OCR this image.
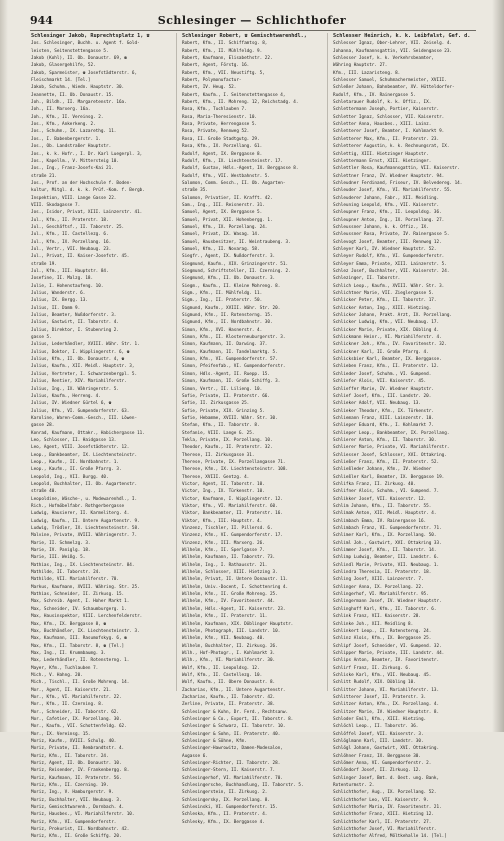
944	Schlesinger — Schlichthofer
Schlesinger Jakob, Ruprechtsplatz 1, ☎
Jos. Schlesinger, Buchh. u. Agent f. Gold-
leisten, Seitenstettengasse 5.
Jakob (Kohl), II. Ob. Donaustr. 69, ☎
Jakob, Glasergehilfe, 52.
Jakob, Sparmeister, ☎ Josefstädterstr. 6,
Fleischmarkt 14. [Tel.]
Jakob, Schuhm., Wiedn. Hauptstr. 30.
Jeannette, II. Ob. Donaustr. 15.
Joh., Bildh., II. Margaretenstr. 16a.
Joh., II. Marxerg. 16a.
Joh., Kfm., II. Vereinsg. 2.
Jos., Kfm., Ankerkeng. 2.
Jos., Schuhm., IX. Lazarethg. 11.
Jos., I. Babenbergerstr. 1.
Jos., Ob. Landstraßer Hauptstr.
Jos., k. k. Hofr., I. Dr. Karl Luegerpl. 3,
Jos., Kapellm., V. Mittersteig 10.
Jos., Ing., Franz-Josefs-Kai 21.
straße 21.
Jos., Prof. an der Hochschule f. Boden-
kultur, Mitgl. d. k. k. Prüf.-Kom. f. Bergb.
Inspektion, VIII. Lange Gasse 22.
VIII. Skodagasse 7.
Jos., Isidor, Privat, XIII. Lainzerstr. 41.
Jul., Kfm., II. Praterstr. 18.
Jul., Geschäftsf., II. Taborstr. 25.
Jul., Kfm., II. Castellezg. 6.
Jul., Kfm., IX. Porzellang. 16.
Jul., Vertr., VII. Neubaug. 23.
Jul., Privat, II. Kaiser-Josefstr. 45.
straße 19.
Jul., Kfm., III. Hauptstr. 84.
Josefine, II. Malzg. 18.
Julie, I. Hohenstaufeng. 10.
Julius, Wanderstr. 6.
Julius, IX. Bergg. 13.
Julius, II. Damm 9.
Julius, Beamter, Nußdorferstr. 3.
Julius, Gastwirt, II. Taborstr. 4.
Julius, Direktor, I. Stubenring 2.
gasse 5.
Julius, Lederhändler, XVIII. Währ. Str. 1.
Julius, Doktor, I. Wipplingerstr. 6, ☎
Julius, Kfm., II. Ob. Donaustr. 4, ☎
Julius, Kaufm., XII. Meidl. Hauptstr. 3,
Julius, Vertreter, I. Schwarzenbergpl. 5.
Julius, Rentier, XIV. Mariahilferstr.
Julius, Ing., IX. Währingerstr. 5.
Julius, Kaufm., Herreng. 4.
Julius, IV. Wiedner Gürtel 6, ☎
Julius, Kfm., VI. Gumpendorferstr. 63.
Karoline, Waren-Comm.-Gesch., III. Löwen-
gasse 28.
Konrad, Kaufmann, Ottakr., Habichergasse 11.
Leo, Schlosser, II. Haidgasse 13.
Leo, Agent, VIII. Josefstädterstr. 12.
Leop., Bankbeamter, IX. Liechtensteinstr.
Leop., Kaufm., II. Nordbahnstr. 1.
Leop., Kaufm., II. Große Pfarrg. 3.
Leopold, Ing., VII. Burgg. 40.
Leopold, Buchhalter, II. Ob. Augartenstr.
straße 40.
Leopoldine, Wäsche-, u. Modewarenhdl., I.
Rich., Hofmöbelfabr. Rothgerbergasse
Ludwig, Hausierer, II. Karmeliterg. 4.
Ludwig, Kaufm., II. Untere Augartenstr. 9.
Ludwig, Trödler, IX. Liechtensteinstr. 58.
Malvine, Private, XVIII. Währingerstr. 7.
Marie, II. Schmelzg. 3.
Marie, IV. Paniglg. 18.
Marie, III. Weißg. 5.
Mathias, Ing., IX. Liechtensteinstr. 84.
Mathilde, II. Taborstr. 24.
Mathilde, VII. Mariahilferstr. 70.
Markus, Kaufmann, XVIII. Währing. Str. 25.
Mathias, Schneider, II. Zirkusg. 15.
Max, Schreib. Agent, I. Hoher Markt 1.
Max, Schneider, IV. Schaumburgerg. 1.
Max, Hausinspektor, VIII. Lerchenfelderstr.
Max, Kfm., IX. Berggasse 8, ☎
Max, Buchhändler, IX. Liechtensteinstr. 3.
Max, Kaufmann, III. Rasumofskyg. 6, ☎
Max, Kfm., II. Taborstr. 8, ☎ [Tel.]
Max, Ing., II. Krummbaumg. 3.
Max, Lederhändler, II. Rotensterng. 1.
Mayer, Kfm., Tuchlauben 7.
Mich., V. Hahng. 20.
Mich., Tischl., II. Große Mohreng. 14.
Mor., Agent, II. Kaiserstr. 21.
Mor., Kfm., VI. Mariahilferstr. 22.
Mor., Kfm., II. Czerning. 8.
Mor., Schneider, II. Taborstr. 62.
Mor., Cafetier, IX. Porzellang. 30.
Mor., Kaufm., VII. Schottenfeldg. 62.
Mor., IX. Vereinsg. 15.
Moriz, Kaufm., XVIII. Schulg. 40.
Moriz, Private, II. Rembrandtstr. 4.
Moriz, Kfm., II. Taborstr. 24.
Moriz, Agent, II. Ob. Donaustr. 10.
Moriz, Reisender, IV. Frankenbergg. 8.
Moriz, Kaufmann, II. Praterstr. 56.
Moriz, Kfm., II. Czerning. 19.
Moriz, Ing., V. Hamburgerstr. 9.
Moriz, Buchhalter, VII. Neubaug. 3.
Moriz, Gemischtwarenh., Dornbach. 4.
Moriz, Hausbes., VI. Mariahilferstr. 10.
Moriz, Kfm., VI. Gumpendorferstr.
Moriz, Prokurist, II. Nordbahnstr. 42.
Moriz, Kfm., II. Große Schiffg. 20.
Schlesinger Robert, ☎ Gemischtwarenhdl.,
Robert, Kfm., II. Schiffamtsg. 8,
Robert, Kfm., II. Mühlfeldg. 9.
Robert, Kaufmann, Elisabethstr. 22.
Robert, Agent, Förstg. 16.
Robert, Kfm., VII. Neustiftg. 5,
Robert, Polymonufactur-
Robert, IV. Heug. 52.
Robert, Kaufm., I. Seitenstettengasse 4,
Robert, Kfm., II. Mohreng. 12, Reichstadg. 4.
Rosa, Kfm., Tuchlauben 7.
Rosa, Maria-Theresienstr. 10.
Rosa, Private, Herrengasse 5.
Rosa, Private, Rennweg 52.
Rosa, II. Große Stadtgutg. 29.
Rosa, Kfm., IX. Porzellang. 61.
Rudolf, Agent, IX. Berggasse 8.
Rudolf, Kfm., IX. Liechtensteinstr. 17.
Rudolf, Gustav, Hdls.-Agent, IX. Berggasse 8.
Rudolf, Kfm., VII. Westbahnstr. 5.
Salomon, Comm. Gesch., II. Ob. Augarten-
straße 35.
Salomon, Privatier, II. Krafft. 42.
Sam., Ing., III. Reisnerstr. 31.
Samuel, Agent, IX. Berggasse 5.
Samuel, Privat, XII. Hohenbergg. 1.
Samuel, Kfm., IX. Porzellang. 24.
Samuel, Privat, IX. Wasag. 14.
Samuel, Hausbesitzer, II. Weintraubeng. 3.
Samuel, Kfm., II. Novarag. 58.
Siegfr., Agent, IX. Nußdorferstr. 3.
Siegmund, Kaufm., XIX. Grinzingerstr. 51.
Siegmund, Schriftsteller, II. Czerning. 2.
Siegmund, Kfm., II. Ob. Donaustr. 3.
Siegm., Kaufm., II. Kleine Mohreng. 8.
Sigm., Kfm., II. Mühlfeldg. 11.
Sigm., Ing., II. Praterstr. 50.
Sigmund, Kaufm., XVIII. Währ. Str. 20.
Sigmund, Kfm., II. Rotensterng. 15.
Sigmund, Kfm., II. Nordbahnstr. 30.
Simon, Kfm., XVI. Hasnerstr. 4.
Simon, Kfm., II. Klosterneuburgerstr. 3.
Simon, Kaufmann, II. Darwing. 37.
Simon, Kaufmann, II. Tandelmarktg. 5.
Simon, Kfm., VI. Gumpendorferstr. 57.
Simon, Pfeifenfab., VI. Gumpendorferstr.
Simon, Hdls.-Agent, II. Ruepp. 15.
Simon, Kaufmann, II. Große Schiffg. 3.
Simon, Vertr., II. Lilieng. 10.
Sofie, Private, II. Praterstr. 66.
Sofie, II. Zirkusgasse 25.
Sofie, Private, XIX. Grinzing 5.
Sofie, Hebamme, XVIII. Währ. Str. 30.
Stefan, Kfm., II. Taborstr. 8.
Stefanie, VIII. Lange G. 25.
Tekla, Private, IX. Porzellang. 10.
Theodor, Kaufm., II. Praterstr. 32.
Therese, II. Zirkusgasse 31.
Therese, Private, IX. Porzellangasse 71.
Therese, Kfm., IX. Liechtensteinstr. 108.
Therese, XVIII. Gentzg. 4.
Victor, Agent, II. Taborstr. 10.
Victor, Ing., IX. Türkenstr. 10.
Victor, Kaufmann, I. Wipplingerstr. 12.
Viktor, Kfm., VI. Mariahilferstr. 60.
Viktor, Bankbeamter, II. Praterstr. 16.
Viktor, Kfm., III. Hauptstr. 4.
Vinzenz, Tischler, II. Pillersd. 6.
Vinzenz, Kfm., VI. Gumpendorferstr. 17.
Vinzenz, Kfm., III. Marxerg. 26.
Wilhelm, Kfm., II. Sperlgasse 7.
Wilhelm, Kaufmann, II. Taborstr. 73.
Wilhelm, Ing., I. Rathausstr. 21.
Wilhelm, Schlosser, XIII. Hietzing 3.
Wilhelm, Privat, II. Untere Donaustr. 11.
Wilhelm, Univ.-Docent, I. Schottenring 4.
Wilhelm, Kfm., II. Große Mohreng. 25.
Wilhelm, Kfm., IV. Favoritenstr. 44.
Wilhelm, Hdls.-Agent, II. Kaiserstr. 23.
Wilhelm, Kfm., II. Praterstr. 11.
Wilhelm, Kaufmann, XIX. Döblinger Hauptstr.
Wilhelm, Photograph, III. Landstr. 10.
Wilhelm, Kfm., VII. Neubaug. 40.
Wilhelm, Buchhalter, II. Zirkusg. 26.
Wilh., Hof-Photogr., I. Kohlmarkt 3.
Wilh., Kfm., VI. Mariahilferstr. 30.
Wolf, Kfm., II. Leopoldsg. 12.
Wolf, Kfm., II. Castellezg. 10.
Wolf, Kaufm., II. Obere Donaustr. 8.
Zacharias, Kfm., II. Untere Augartenstr.
Zacharias, Kaufm., II. Taborstr. 42.
Zerline, Private, II. Praterstr. 38.
Schlesinger & Kuhn, Dr. Ferd., Rechtsanw.
Schlesinger & Co., Export, II. Taborstr. 8.
Schlesinger & Schwarz, II. Taborstr. 10.
Schlesinger & Sohn, II. Praterstr. 40.
Schlesinger & Söhne, Kfm.
Schlesinger-Hawrowitz, Damen-Modesalon,
Augasse 6.
Schlesinger-Richter, II. Taborstr. 28.
Schlesinger-Stern, II. Kaiserstr. 7.
Schlesingerhof, VI. Mariahilferstr. 70.
Schlesingersche, Buchhandlung, II. Taborstr. 5.
Schlesingerstein, II. Zirkusg. 2.
Schlesingersky, IX. Porzellang. 8.
Schlesinski, VI. Gumpendorferstr. 15.
Schleska, Kfm., II. Praterstr. 4.
Schlesky, Kfm., IX. Berggasse 4.
Schlesser Heinrich, k. k. Leibfalst, Gef. d.
Schlesser Ignaz, Ober-Lehrer, VII. Zeiselg. 4.
Johanna, Kaufmannsgattin, VII. Seidengasse 23.
Schlesser Josef, k. k. Verkehrsbeamter,
Währing Hauptstr. 27.
Kfm., III. Lazaristeng. 8.
Schlesser Samuel, Schuhmachermeister, XVIII.
Schleßer Johann, Bahnbeamter, XV. Hütteldorfer-
Rudolf, Kfm., IV. Rainergasse 5.
Schletarauer Rudolf, k. k. Offiz., IX.
Schlettermann Joseph, Portier, Kaiserstr.
Schletter Ignaz, Schlosser, VII. Kaiserstr.
Schletter Anna, Hausbes., XIII. Lainz.
Schletterer Josef, Beamter, I. Kohlmarkt 9.
Schletterer Max, Kfm., II. Praterstr. 23.
Schletterer Augustin, k. k. Rechnungsrat, IX.
Schlettig, XIII. Hietzinger Hauptstr.
Schlettermann Ernst, XIII. Hietzinger.
Schlettler Rosa, Kaufmannsgattin, VII. Kaiserstr.
Schlettner Franz, IV. Wiedner Hauptstr. 94.
Schleudner Ferdinand, Friseur, IV. Belvedereg. 14.
Schleuder Josef, Kfm., VI. Mariahilferstr. 55.
Schleuderer Johann, Fabr., XII. Meidling.
Schleuning Leopold, Kfm., VII. Kaiserstr.
Schleupner Franz, Kfm., II. Leopoldsg. 36.
Schleupner Anton, Ing., IX. Porzellang. 27.
Schleussner Johann, k. k. Offiz., IX.
Schleussner Rosa, Private, IV. Rainergasse 5.
Schlevogt Josef, Beamter, III. Rennweg 12.
Schleyer Karl, IV. Wiedner Hauptstr. 52.
Schleyer Rudolf, Kfm., VI. Gumpendorferstr.
Schleyer Emma, Private, XIII. Lainzerstr. 5.
Schlez Josef, Buchhalter, VII. Kaiserstr. 24.
Schlezinger, II. Taborstr.
Schlich Leop., Kaufm., XVIII. Währ. Str. 3.
Schlichtner Marie, VII. Zieglergasse 5.
Schlicker Peter, Kfm., II. Taborstr. 17.
Schlicker Anton, Ing., XIII. Hietzing.
Schlicker Johann, Prakt. Arzt, IX. Porzellang.
Schlicker Ludwig, Kfm., VII. Neubaug. 17.
Schlicker Marie, Private, XIX. Döbling 4.
Schlickmann Heinr., VI. Mariahilferstr. 4.
Schlickner Joh., Kfm., IV. Favoritenstr. 32.
Schlickner Karl, II. Große Pfarrg. 4.
Schlicksbier Karl, Beamter, IX. Berggasse.
Schlieben Franz, Kfm., II. Praterstr. 12.
Schlieder Josef, Schuhm., VI. Gumpend.
Schliefer Alois, VII. Kaiserstr. 45.
Schlieffer Marie, IV. Wiedner Hauptstr.
Schlief Josef, Kfm., III. Landstr. 20.
Schlieker Adolf, VII. Neubaug. 13.
Schlieker Theodor, Kfm., IX. Türkenstr.
Schliemann Franz, XIII. Lainzerstr. 10.
Schlieper Eduard, Kfm., I. Kohlmarkt 7.
Schlieper Leop., Bankbeamter, IX. Porzellang.
Schlierer Anton, Kfm., II. Taborstr. 30.
Schlierer Marie, Private, VI. Mariahilferstr.
Schliesser Josef, Schlosser, XVI. Ottakring.
Schließer Franz, Kfm., II. Praterstr. 52.
Schließleder Johann, Kfm., IV. Wiedner
Schließler Karl, Beamter, IX. Berggasse 19.
Schlifka Franz, II. Zirkusg. 40.
Schlifner Alois, Schuhm., VI. Gumpend. 7.
Schlikker Josef, VII. Kaiserstr. 12.
Schlim Johann, Kfm., II. Taborstr. 55.
Schlimak Anton, XII. Meidl. Hauptstr. 4.
Schlimbach Emma, IV. Rainergasse 16.
Schlimbach Franz, VI. Gumpendorferstr. 71.
Schlimer Karl, Kfm., IX. Porzellang. 50.
Schliml Joh., Gastwirt, XVI. Ottakring 33.
Schlimmer Josef, Kfm., II. Taborstr. 14.
Schlimp Ludwig, Beamter, III. Landstr. 6.
Schlindl Marie, Private, VII. Neubaug. 1.
Schlindra Theresia, II. Praterstr. 18.
Schling Josef, XIII. Lainzerstr. 7.
Schlinger Anna, IX. Porzellang. 22.
Schlingerhof, VI. Mariahilferstr. 95.
Schlingermann Josef, IV. Wiedner Hauptstr.
Schlinghoff Karl, Kfm., II. Taborstr. 6.
Schlink Franz, VII. Kaiserstr. 28.
Schlinke Joh., XII. Meidling 8.
Schlinkert Leop., II. Rotensterng. 24.
Schlinz Alois, Kfm., IX. Berggasse 25.
Schlipf Josef, Schneider, VI. Gumpend. 32.
Schlipper Marie, Private, III. Landstr. 44.
Schlips Anton, Beamter, IV. Favoritenstr.
Schlirf Franz, II. Zirkusg. 6.
Schliske Karl, Kfm., VII. Neubaug. 45.
Schlitt Rudolf, XIX. Döbling 10.
Schlitter Johann, VI. Mariahilferstr. 13.
Schlitterer Josef, II. Praterstr. 3.
Schlitzer Anton, Kfm., IX. Porzellang. 4.
Schlitzer Marie, IV. Wiedner Hauptstr. 8.
Schloder Emil, Kfm., XIII. Hietzing.
Schlöchl Leop., II. Taborstr. 36.
Schlöffel Josef, VII. Kaiserstr. 3.
Schlöglmann Karl, III. Landstr. 30.
Schlögl Johann, Gastwirt, XVI. Ottakring.
Schlöhner Franz, IX. Berggasse 30.
Schlömer Anna, VI. Gumpendorferstr. 2.
Schlöndorf Josef, II. Zirkusg. 12.
Schlinger Josef, Bmt. d. Oest. ung. Bank,
Rotenturmstr. 2.
Schlichthofer, Aug., IX. Porzellang. 52.
Schlichthofer Leo, VII. Kaiserstr. 9.
Schlichthofer Maria, IV. Favoritenstr. 21.
Schlichthofer Franz, XIII. Hietzing 12.
Schlichthofer Karl, II. Praterstr. 27.
Schlichthofer Josef, VI. Mariahilferstr.
Schlichthofer Alfred, Möltkehalle 14. [Tel.]
